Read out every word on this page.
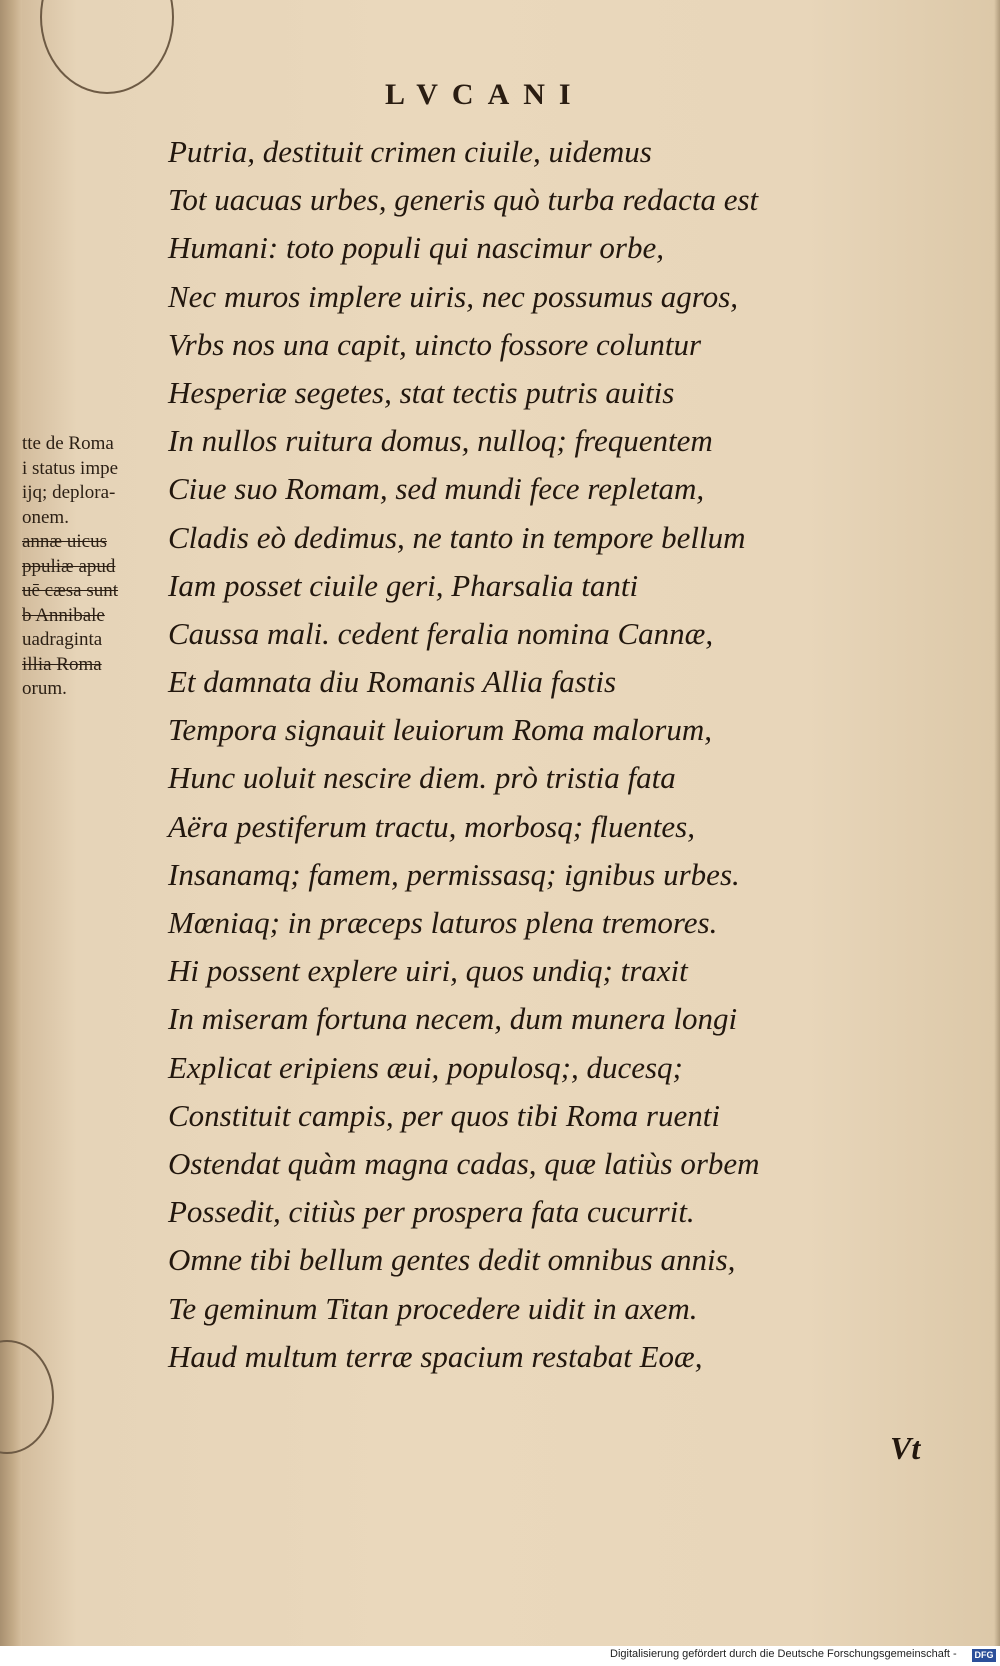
LVCANI
Putria, destituit crimen ciuile, uidemus
Tot uacuas urbes, generis quò turba redacta est
Humani: toto populi qui nascimur orbe,
Nec muros implere uiris, nec possumus agros,
Vrbs nos una capit, uincto fossore coluntur
Hesperiæ segetes, stat tectis putris auitis
In nullos ruitura domus, nulloq; frequentem
Ciue suo Romam, sed mundi fece repletam,
Cladis eò dedimus, ne tanto in tempore bellum
Iam posset ciuile geri, Pharsalia tanti
Caussa mali. cedent feralia nomina Cannæ,
Et damnata diu Romanis Allia fastis
Tempora signauit leuiorum Roma malorum,
Hunc uoluit nescire diem. prò tristia fata
Aëra pestiferum tractu, morbosq; fluentes,
Insanamq; famem, permissasq; ignibus urbes.
Mœniaq; in præceps laturos plena tremores.
Hi possent explere uiri, quos undiq; traxit
In miseram fortuna necem, dum munera longi
Explicat eripiens æui, populosq;, ducesq;
Constituit campis, per quos tibi Roma ruenti
Ostendat quàm magna cadas, quæ latiùs orbem
Possedit, citiùs per prospera fata cucurrit.
Omne tibi bellum gentes dedit omnibus annis,
Te geminum Titan procedere uidit in axem.
Haud multum terræ spacium restabat Eoæ,
tte de Roma
i status impe
ijq; deplora-
onem.
annæ uicus
ppuliæ apud
uē cæsa sunt
b Annibale
uadraginta
illia Roma
orum.
Vt
Digitalisierung gefördert durch die Deutsche Forschungsgemeinschaft -	DFG
